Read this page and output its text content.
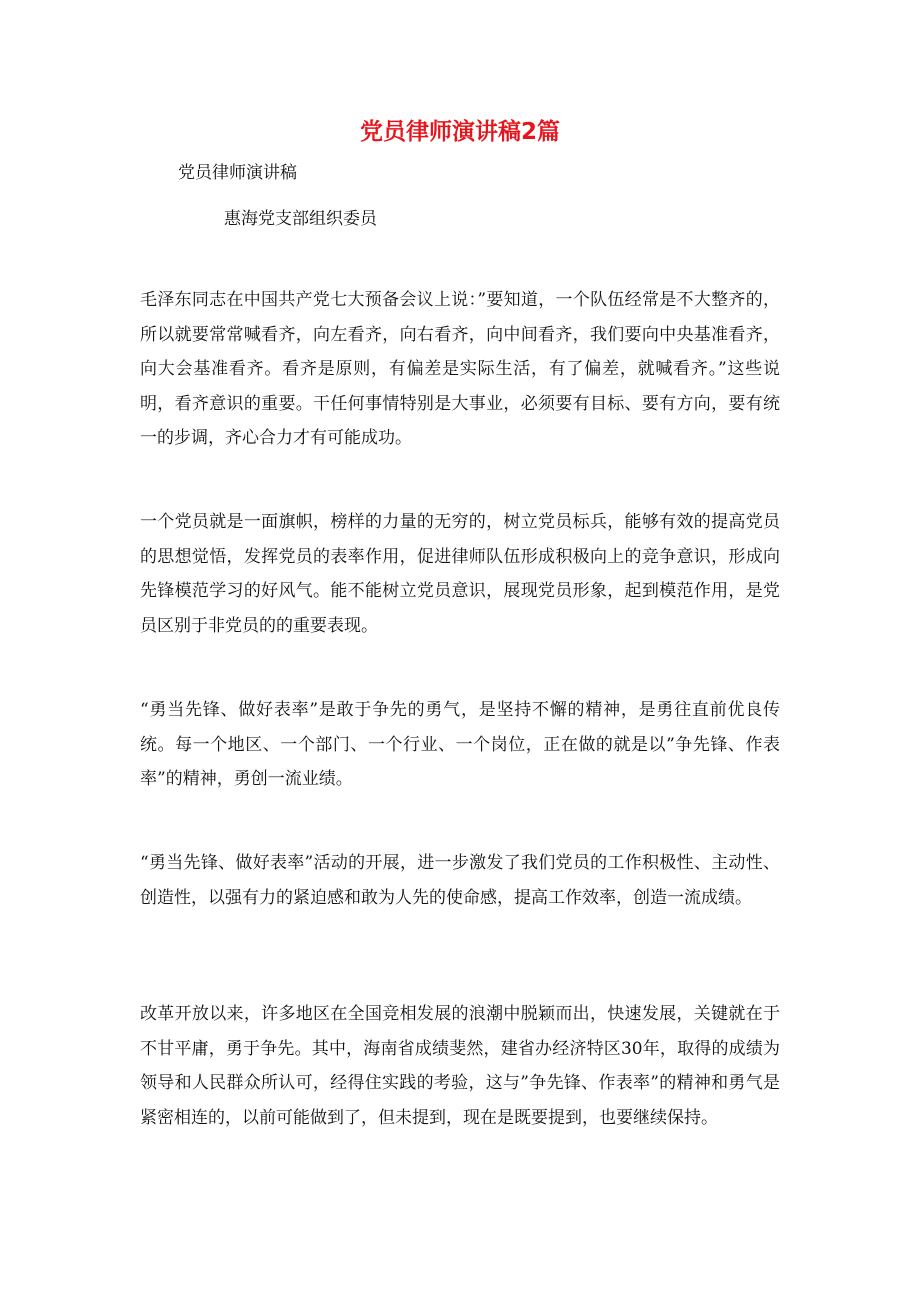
党员律师演讲稿2篇

党员律师演讲稿

惠海党支部组织委员

毛泽东同志在中国共产党七大预备会议上说：”要知道，一个队伍经常是不大整齐的，所以就要常常喊看齐，向左看齐，向右看齐，向中间看齐，我们要向中央基准看齐，向大会基准看齐。看齐是原则，有偏差是实际生活，有了偏差，就喊看齐。”这些说明，看齐意识的重要。干任何事情特别是大事业，必须要有目标、要有方向，要有统一的步调，齐心合力才有可能成功。

一个党员就是一面旗帜，榜样的力量的无穷的，树立党员标兵，能够有效的提高党员的思想觉悟，发挥党员的表率作用，促进律师队伍形成积极向上的竞争意识，形成向先锋模范学习的好风气。能不能树立党员意识，展现党员形象，起到模范作用，是党员区别于非党员的的重要表现。

“勇当先锋、做好表率”是敢于争先的勇气，是坚持不懈的精神，是勇往直前优良传统。每一个地区、一个部门、一个行业、一个岗位，正在做的就是以”争先锋、作表率”的精神，勇创一流业绩。

“勇当先锋、做好表率”活动的开展，进一步激发了我们党员的工作积极性、主动性、创造性，以强有力的紧迫感和敢为人先的使命感，提高工作效率，创造一流成绩。

改革开放以来，许多地区在全国竞相发展的浪潮中脱颖而出，快速发展，关键就在于不甘平庸，勇于争先。其中，海南省成绩斐然，建省办经济特区30年，取得的成绩为领导和人民群众所认可，经得住实践的考验，这与”争先锋、作表率”的精神和勇气是紧密相连的，以前可能做到了，但未提到，现在是既要提到，也要继续保持。
